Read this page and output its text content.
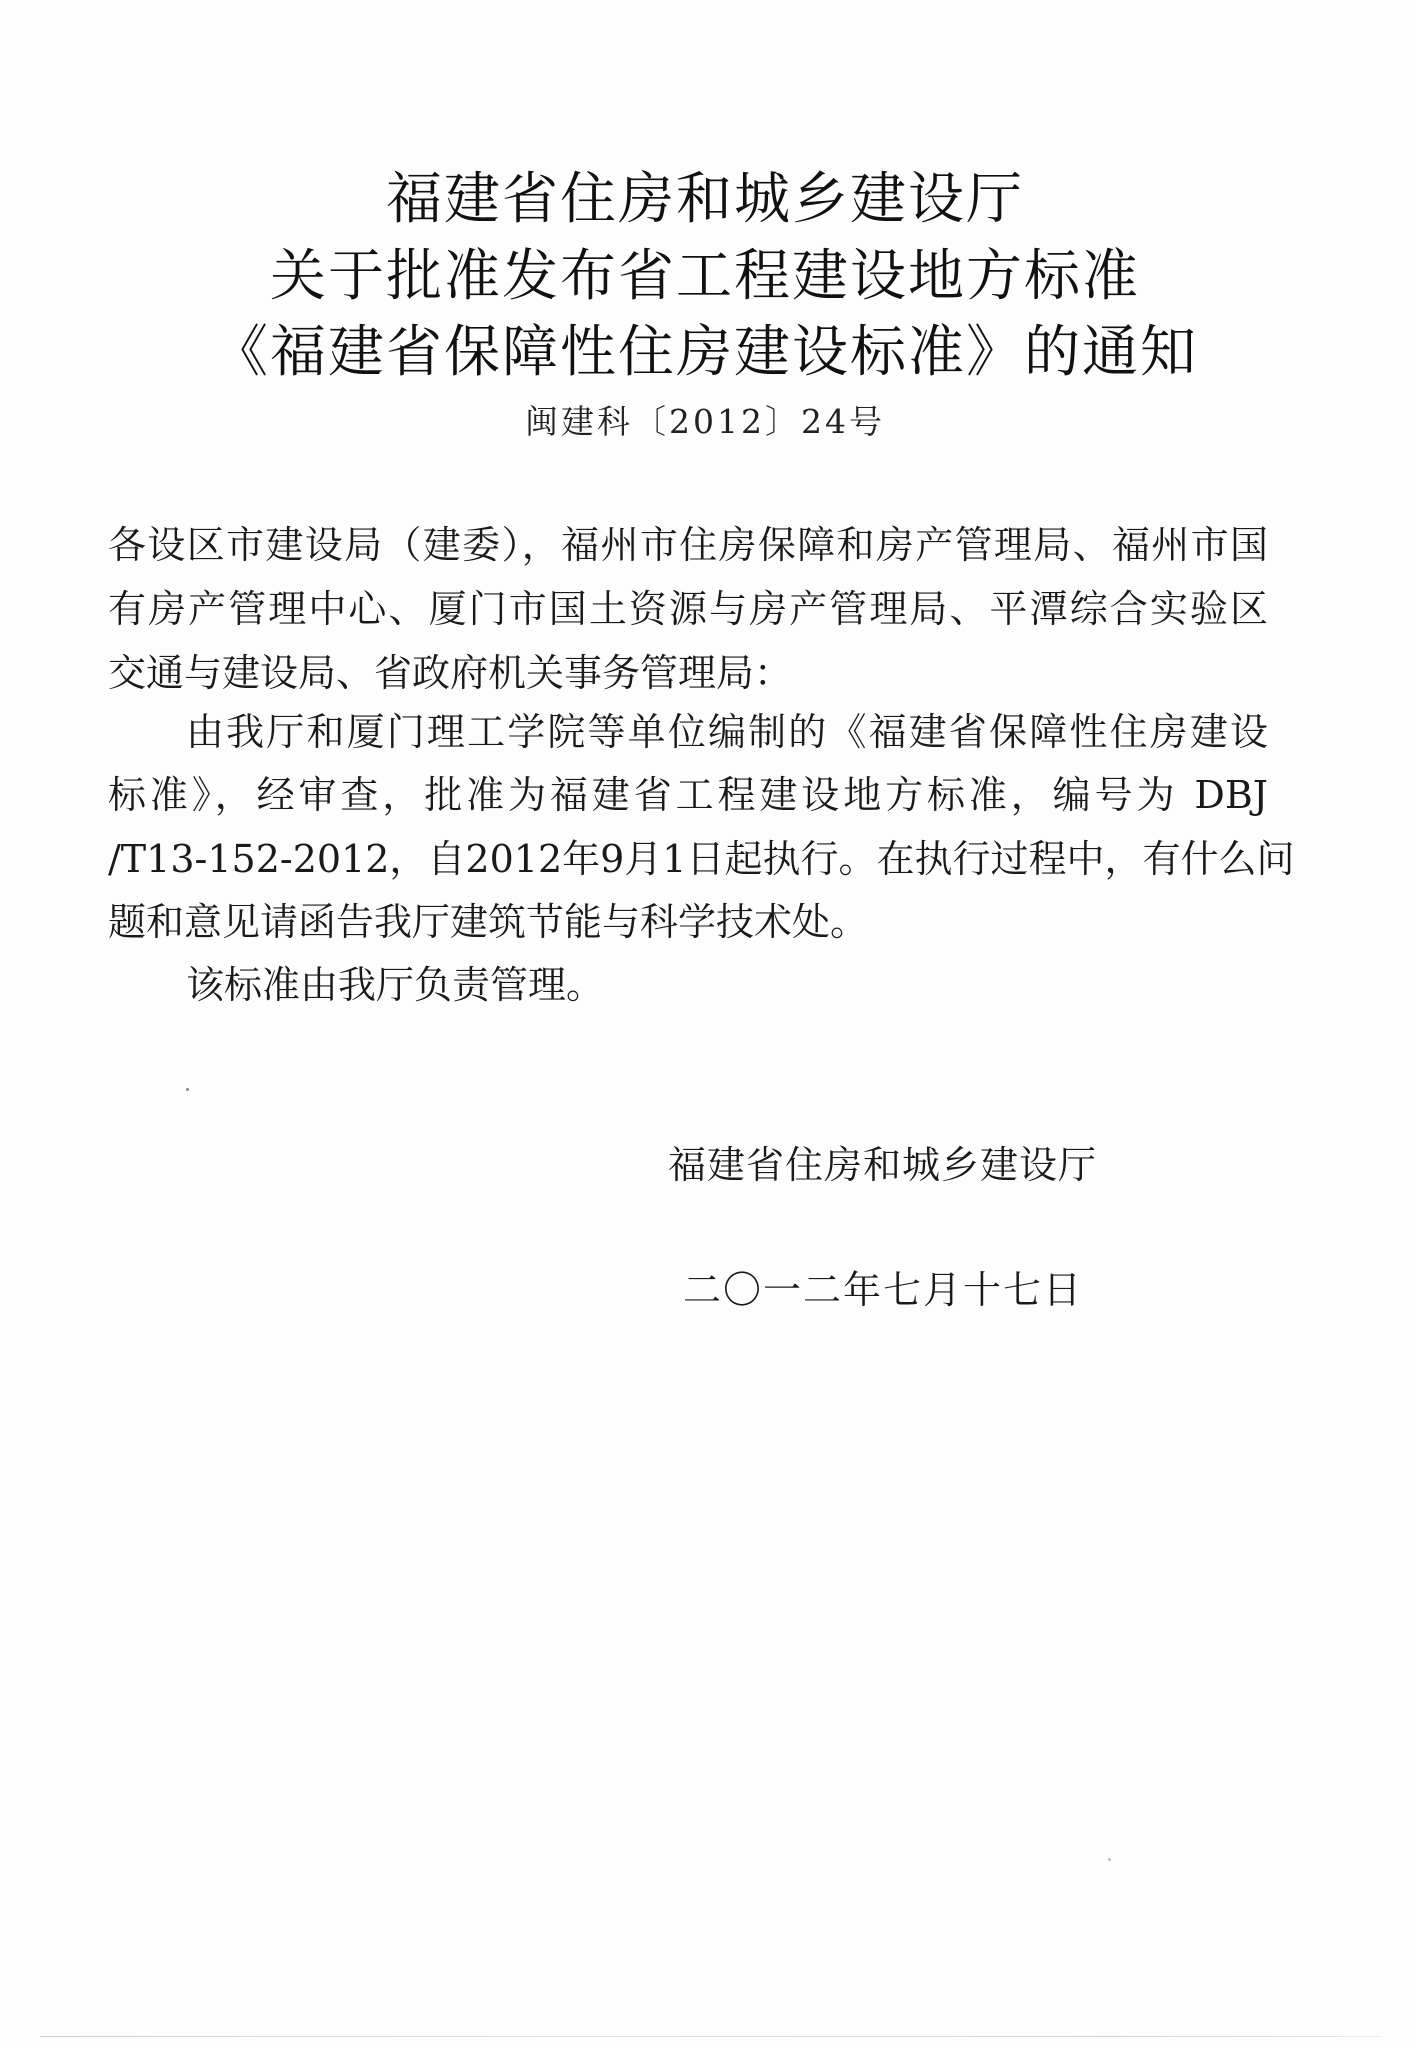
福建省住房和城乡建设厅
关于批准发布省工程建设地方标准
《福建省保障性住房建设标准》的通知
闽建科〔2012〕24号
各设区市建设局（建委），福州市住房保障和房产管理局、福州市国
有房产管理中心、厦门市国土资源与房产管理局、平潭综合实验区
交通与建设局、省政府机关事务管理局：
由我厅和厦门理工学院等单位编制的《福建省保障性住房建设
标准》，经审查，批准为福建省工程建设地方标准，编号为 DBJ
/T13-152-2012，自2012年9月1日起执行。在执行过程中，有什么问
题和意见请函告我厅建筑节能与科学技术处。
该标准由我厅负责管理。
福建省住房和城乡建设厅
二〇一二年七月十七日
